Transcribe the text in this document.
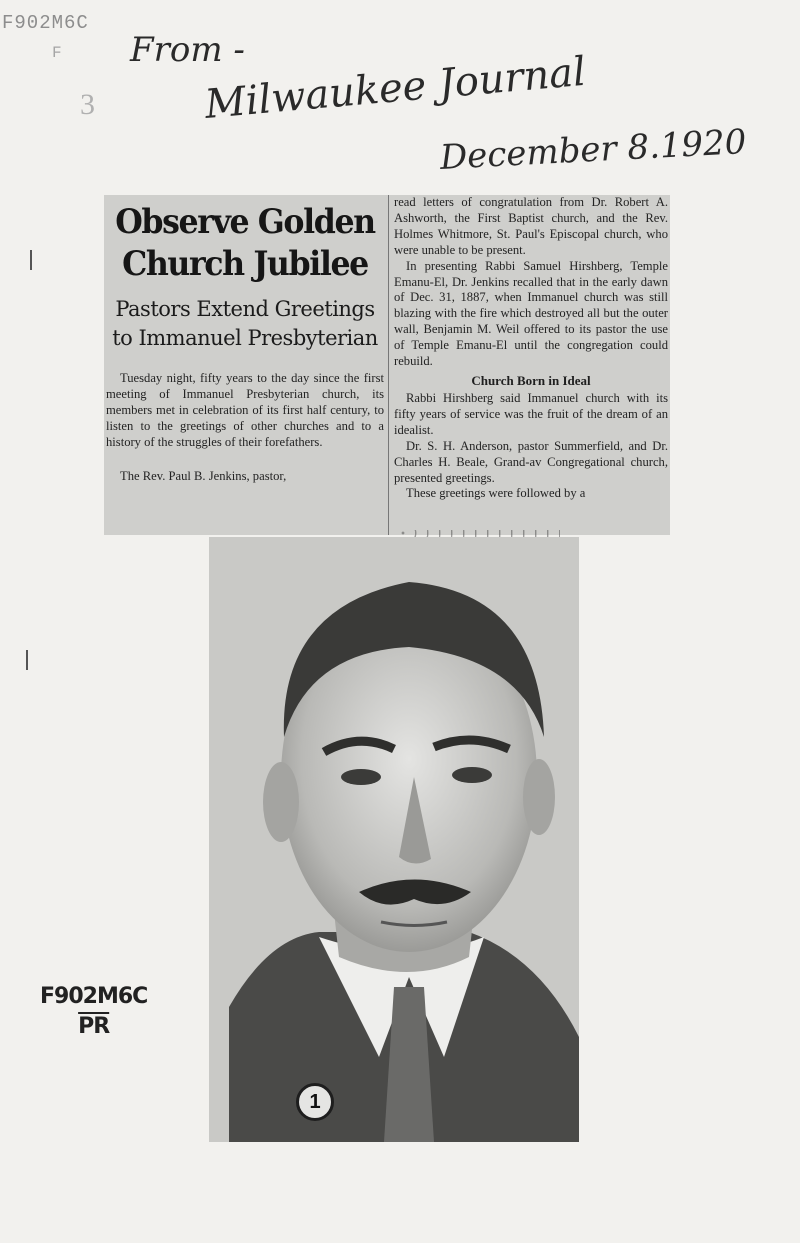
F902M6C
F
3
From -
Milwaukee Journal
December 8.1920
Observe Golden
Church Jubilee
Pastors Extend Greetings to Immanuel Presbyterian

Tuesday night, fifty years to the day since the first meeting of Immanuel Presbyterian church, its members met in celebration of its first half century, to listen to the greetings of other churches and to a history of the struggles of their forefathers.

The Rev. Paul B. Jenkins, pastor,

read letters of congratulation from Dr. Robert A. Ashworth, the First Baptist church, and the Rev. Holmes Whitmore, St. Paul's Episcopal church, who were unable to be present.

In presenting Rabbi Samuel Hirshberg, Temple Emanu-El, Dr. Jenkins recalled that in the early dawn of Dec. 31, 1887, when Immanuel church was still blazing with the fire which destroyed all but the outer wall, Benjamin M. Weil offered to its pastor the use of Temple Emanu-El until the congregation could rebuild.

Church Born in Ideal

Rabbi Hirshberg said Immanuel church with its fifty years of service was the fruit of the dream of an idealist.

Dr. S. H. Anderson, pastor Summerfield, and Dr. Charles H. Beale, Grand-av Congregational church, presented greetings.

These greetings were followed by a

1
F902M6C
$\overline{PR}$
